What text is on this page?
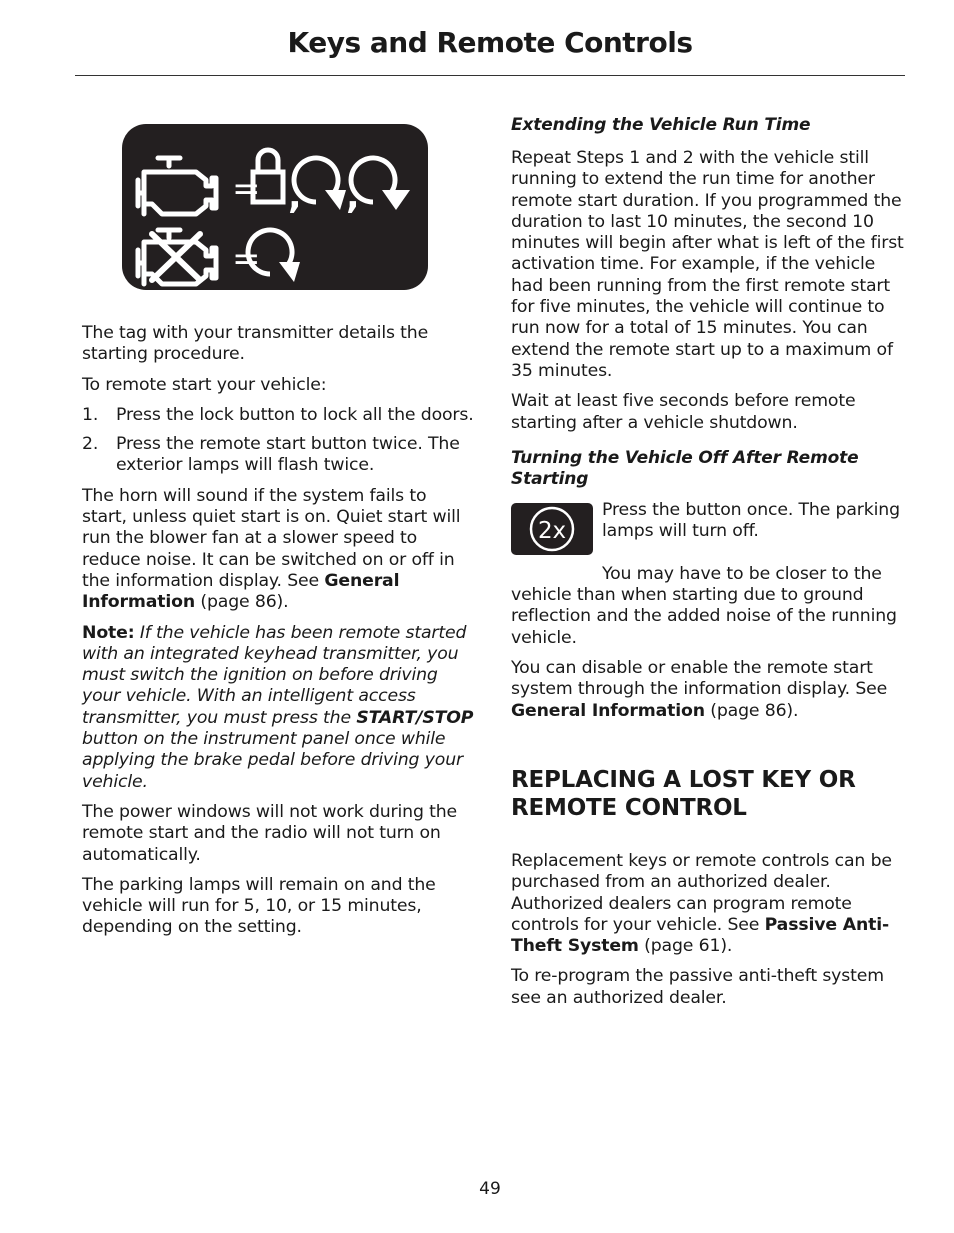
Keys and Remote Controls
= , ,
=

The tag with your transmitter details the starting procedure.

To remote start your vehicle:

1.	Press the lock button to lock all the doors.
2.	Press the remote start button twice. The exterior lamps will flash twice.

The horn will sound if the system fails to start, unless quiet start is on. Quiet start will run the blower fan at a slower speed to reduce noise. It can be switched on or off in the information display. See General Information (page 86).

Note: If the vehicle has been remote started with an integrated keyhead transmitter, you must switch the ignition on before driving your vehicle. With an intelligent access transmitter, you must press the START/STOP button on the instrument panel once while applying the brake pedal before driving your vehicle.

The power windows will not work during the remote start and the radio will not turn on automatically.

The parking lamps will remain on and the vehicle will run for 5, 10, or 15 minutes, depending on the setting.

Extending the Vehicle Run Time

Repeat Steps 1 and 2 with the vehicle still running to extend the run time for another remote start duration. If you programmed the duration to last 10 minutes, the second 10 minutes will begin after what is left of the first activation time. For example, if the vehicle had been running from the first remote start for five minutes, the vehicle will continue to run now for a total of 15 minutes. You can extend the remote start up to a maximum of 35 minutes.

Wait at least five seconds before remote starting after a vehicle shutdown.

Turning the Vehicle Off After Remote Starting
2x
Press the button once. The parking lamps will turn off.

You may have to be closer to the vehicle than when starting due to ground reflection and the added noise of the running vehicle.

You can disable or enable the remote start system through the information display. See General Information (page 86).

REPLACING A LOST KEY OR REMOTE CONTROL

Replacement keys or remote controls can be purchased from an authorized dealer. Authorized dealers can program remote controls for your vehicle. See Passive Anti-Theft System (page 61).

To re-program the passive anti-theft system see an authorized dealer.

49
